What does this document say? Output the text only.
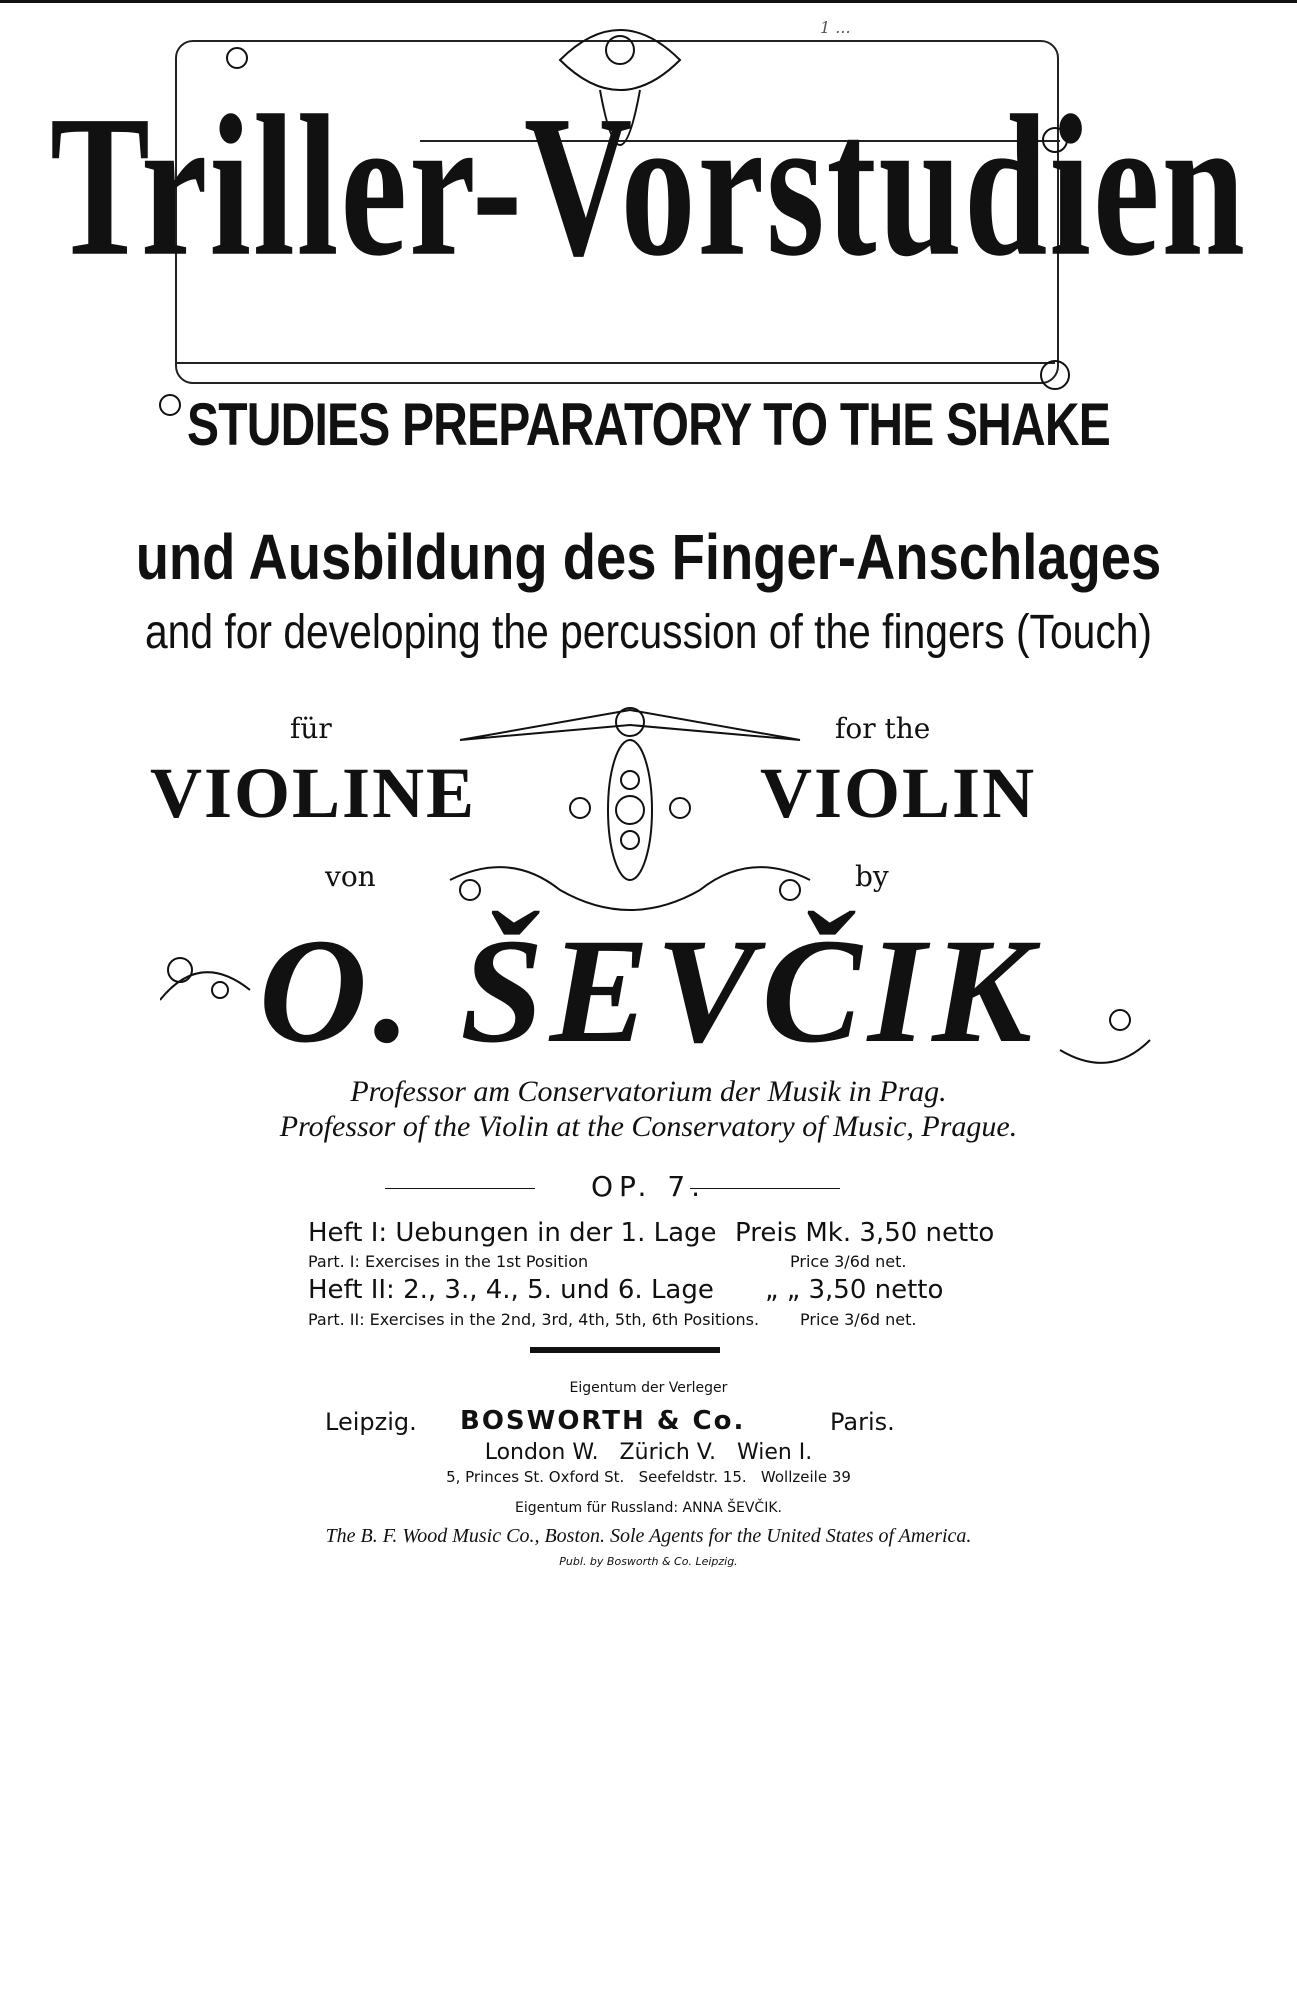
1 ...
Triller-Vorstudien
STUDIES PREPARATORY TO THE SHAKE
und Ausbildung des Finger-Anschlages
and for developing the percussion of the fingers (Touch)
für	for the
VIOLINE	VIOLIN
von	by
O. ŠEVČIK
Professor am Conservatorium der Musik in Prag.
Professor of the Violin at the Conservatory of Music, Prague.
OP. 7.
Heft I: Uebungen in der 1. Lage Preis Mk. 3,50 netto
Part. I: Exercises in the 1st Position	Price 3/6d net.
Heft II: 2., 3., 4., 5. und 6. Lage „ „ 3,50 netto
Part. II: Exercises in the 2nd, 3rd, 4th, 5th, 6th Positions.	Price 3/6d net.
Eigentum der Verleger
Leipzig. BOSWORTH & Co.	Paris.
London W.   Zürich V.   Wien I.
5, Princes St. Oxford St.   Seefeldstr. 15.   Wollzeile 39
Eigentum für Russland: ANNA ŠEVČIK.
The B. F. Wood Music Co., Boston. Sole Agents for the United States of America.
Publ. by Bosworth & Co. Leipzig.
